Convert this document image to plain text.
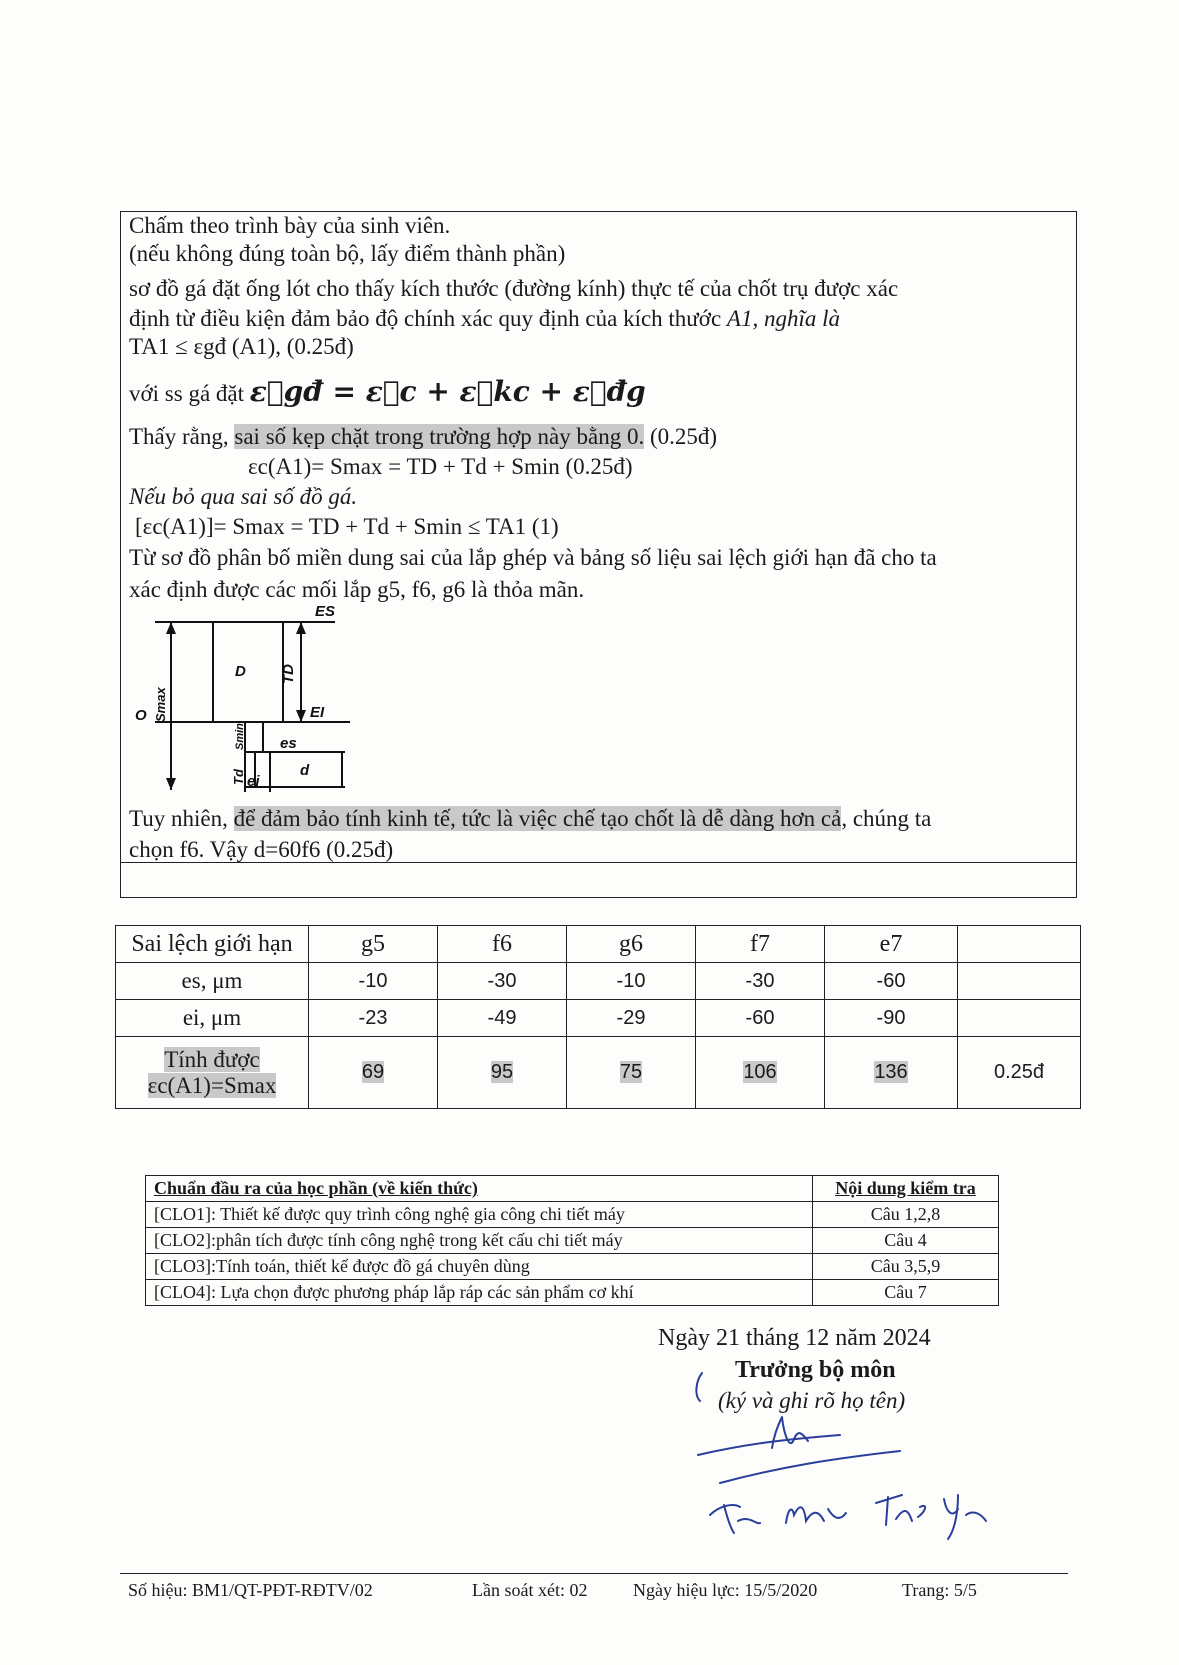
Chấm theo trình bày của sinh viên.
(nếu không đúng toàn bộ, lấy điểm thành phần)
sơ đồ gá đặt ống lót cho thấy kích thước (đường kính) thực tế của chốt trụ được xác
định từ điều kiện đảm bảo độ chính xác quy định của kích thước A1, nghĩa là
TA1 ≤ εgđ (A1), (0.25đ)
với ss gá đặt ε⃗gđ = ε⃗c + ε⃗kc + ε⃗đg
Thấy rằng, sai số kẹp chặt trong trường hợp này bằng 0. (0.25đ)
εc(A1)= Smax = TD + Td + Smin (0.25đ)
Nếu bỏ qua sai số đồ gá.
[εc(A1)]= Smax = TD + Td + Smin ≤ TA1 (1)
Từ sơ đồ phân bố miền dung sai của lắp ghép và bảng số liệu sai lệch giới hạn đã cho ta
xác định được các mối lắp g5, f6, g6 là thỏa mãn.
Tuy nhiên, để đảm bảo tính kinh tế, tức là việc chế tạo chốt là dễ dàng hơn cả, chúng ta
chọn f6. Vậy d=60f6 (0.25đ)
ES
EI
es
ei
D
d
O
TD
Smax
Smin
Td
Sai lệch giới hạn	g5	f6	g6	f7	e7	
es, μm	-10	-30	-10	-30	-60	
ei, μm	-23	-49	-29	-60	-90	
Tính được
εc(A1)=Smax	69	95	75	106	136	0.25đ
Chuẩn đầu ra của học phần (về kiến thức)	Nội dung kiểm tra
[CLO1]: Thiết kế được quy trình công nghệ gia công chi tiết máy	Câu 1,2,8
[CLO2]:phân tích được tính công nghệ trong kết cấu chi tiết máy	Câu 4
[CLO3]:Tính toán, thiết kế được đồ gá chuyên dùng	Câu 3,5,9
[CLO4]: Lựa chọn được phương pháp lắp ráp các sản phẩm cơ khí	Câu 7
Ngày 21 tháng 12 năm 2024
Trưởng bộ môn
(ký và ghi rõ họ tên)
Số hiệu: BM1/QT-PĐT-RĐTV/02	Lần soát xét: 02	Ngày hiệu lực: 15/5/2020	Trang: 5/5
